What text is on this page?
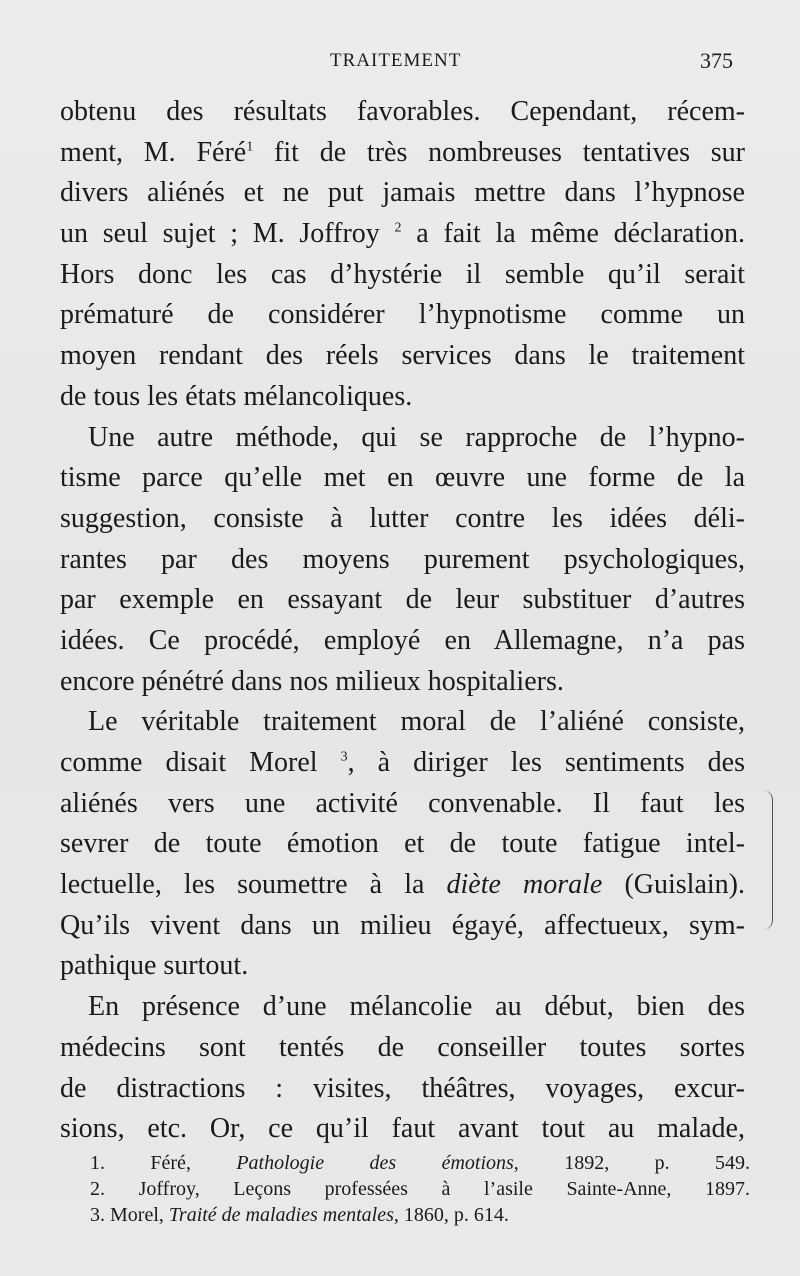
TRAITEMENT	375
obtenu des résultats favorables. Cependant, récem-
ment, M. Féré$^1$ fit de très nombreuses tentatives sur
divers aliénés et ne put jamais mettre dans l’hypnose
un seul sujet ; M. Joffroy $^2$ a fait la même déclaration.
Hors donc les cas d’hystérie il semble qu’il serait
prématuré de considérer l’hypnotisme comme un
moyen rendant des réels services dans le traitement
de tous les états mélancoliques.
Une autre méthode, qui se rapproche de l’hypno-
tisme parce qu’elle met en œuvre une forme de la
suggestion, consiste à lutter contre les idées déli-
rantes par des moyens purement psychologiques,
par exemple en essayant de leur substituer d’autres
idées. Ce procédé, employé en Allemagne, n’a pas
encore pénétré dans nos milieux hospitaliers.
Le véritable traitement moral de l’aliéné consiste,
comme disait Morel $^3$, à diriger les sentiments des
aliénés vers une activité convenable. Il faut les
sevrer de toute émotion et de toute fatigue intel-
lectuelle, les soumettre à la diète morale (Guislain).
Qu’ils vivent dans un milieu égayé, affectueux, sym-
pathique surtout.
En présence d’une mélancolie au début, bien des
médecins sont tentés de conseiller toutes sortes
de distractions : visites, théâtres, voyages, excur-
sions, etc. Or, ce qu’il faut avant tout au malade,
1. Féré, Pathologie des émotions, 1892, p. 549.
2. Joffroy, Leçons professées à l’asile Sainte-Anne, 1897.
3. Morel, Traité de maladies mentales, 1860, p. 614.
